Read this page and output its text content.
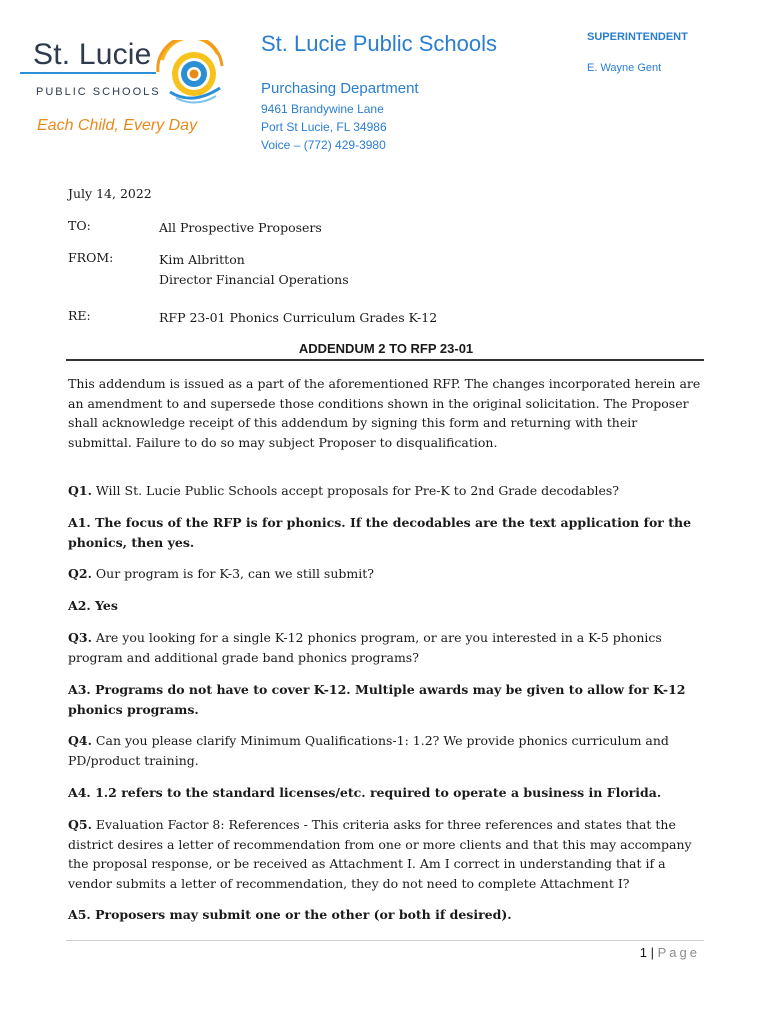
St. Lucie
PUBLIC SCHOOLS
Each Child, Every Day
St. Lucie Public Schools
Purchasing Department
9461 Brandywine Lane
Port St Lucie, FL 34986
Voice – (772) 429-3980
SUPERINTENDENT
E. Wayne Gent
July 14, 2022
TO:	All Prospective Proposers
FROM:	Kim Albritton
Director Financial Operations
RE:	RFP 23-01 Phonics Curriculum Grades K-12
ADDENDUM 2 TO RFP 23-01
This addendum is issued as a part of the aforementioned RFP. The changes incorporated herein are an amendment to and supersede those conditions shown in the original solicitation. The Proposer shall acknowledge receipt of this addendum by signing this form and returning with their submittal. Failure to do so may subject Proposer to disqualification.
Q1. Will St. Lucie Public Schools accept proposals for Pre-K to 2nd Grade decodables?
A1. The focus of the RFP is for phonics. If the decodables are the text application for the phonics, then yes.
Q2. Our program is for K-3, can we still submit?
A2. Yes
Q3. Are you looking for a single K-12 phonics program, or are you interested in a K-5 phonics program and additional grade band phonics programs?
A3. Programs do not have to cover K-12. Multiple awards may be given to allow for K-12 phonics programs.
Q4. Can you please clarify Minimum Qualifications-1: 1.2? We provide phonics curriculum and PD/product training.
A4. 1.2 refers to the standard licenses/etc. required to operate a business in Florida.
Q5. Evaluation Factor 8: References - This criteria asks for three references and states that the district desires a letter of recommendation from one or more clients and that this may accompany the proposal response, or be received as Attachment I. Am I correct in understanding that if a vendor submits a letter of recommendation, they do not need to complete Attachment I?
A5. Proposers may submit one or the other (or both if desired).
1 | Page
